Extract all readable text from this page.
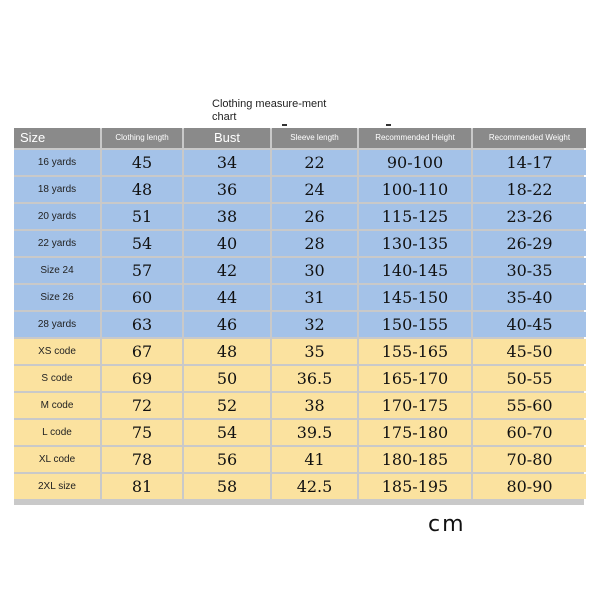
Clothing measure-ment chart
Size	Clothing length	Bust	Sleeve length	Recommended Height	Recommended Weight
16 yards	45	34	22	90-100	14-17
18 yards	48	36	24	100-110	18-22
20 yards	51	38	26	115-125	23-26
22 yards	54	40	28	130-135	26-29
Size 24	57	42	30	140-145	30-35
Size 26	60	44	31	145-150	35-40
28 yards	63	46	32	150-155	40-45
XS code	67	48	35	155-165	45-50
S code	69	50	36.5	165-170	50-55
M code	72	52	38	170-175	55-60
L code	75	54	39.5	175-180	60-70
XL code	78	56	41	180-185	70-80
2XL size	81	58	42.5	185-195	80-90
cm
